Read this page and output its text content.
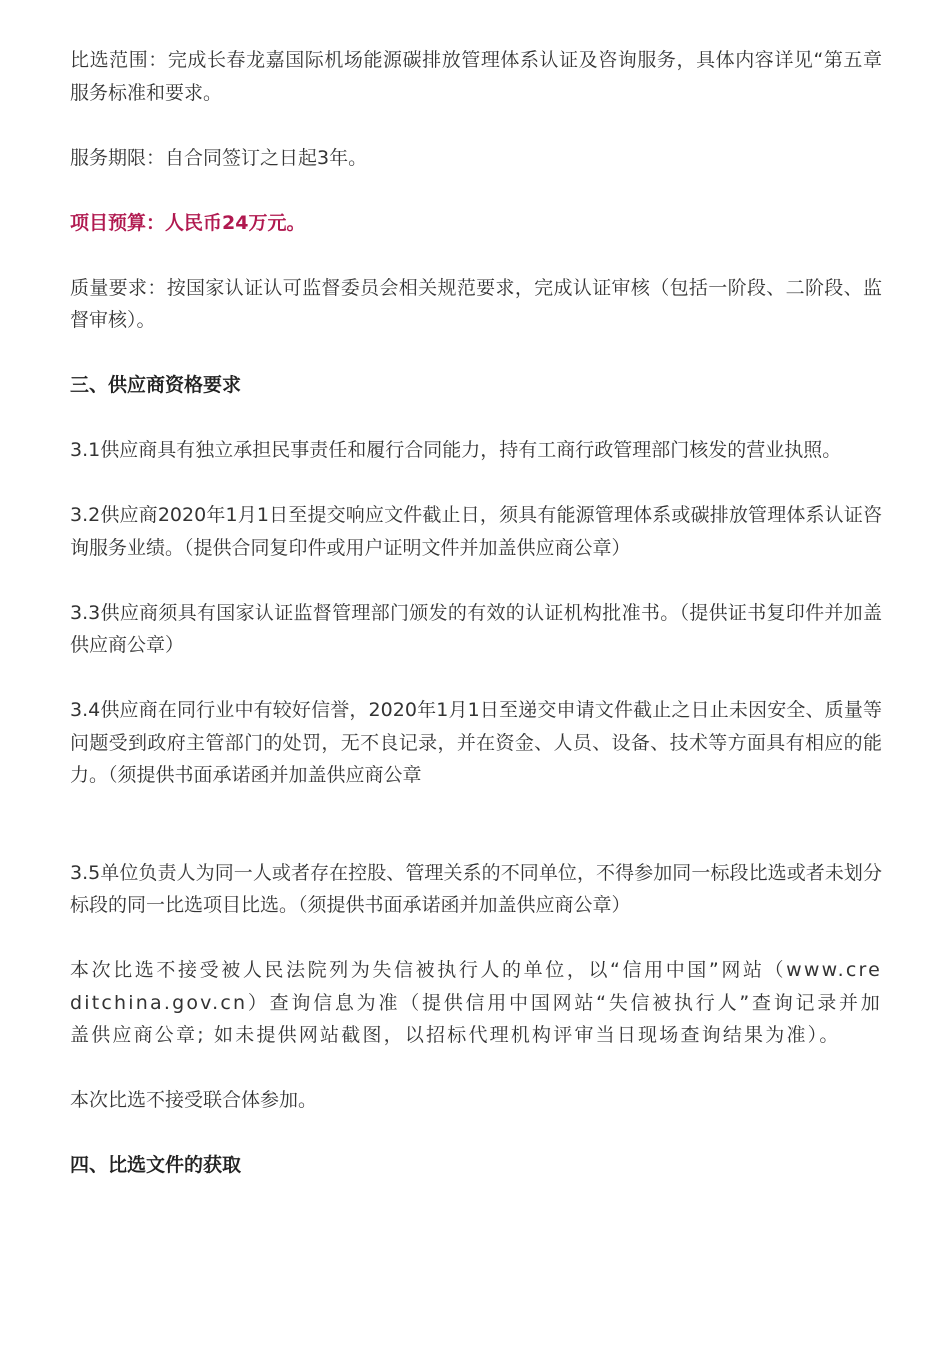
比选范围：完成长春龙嘉国际机场能源碳排放管理体系认证及咨询服务，具体内容详见“第五章 服务标准和要求。

服务期限：自合同签订之日起3年。

项目预算：人民币24万元。

质量要求：按国家认证认可监督委员会相关规范要求，完成认证审核（包括一阶段、二阶段、监督审核）。

三、供应商资格要求

3.1供应商具有独立承担民事责任和履行合同能力，持有工商行政管理部门核发的营业执照。

3.2供应商2020年1月1日至提交响应文件截止日，须具有能源管理体系或碳排放管理体系认证咨询服务业绩。（提供合同复印件或用户证明文件并加盖供应商公章）

3.3供应商须具有国家认证监督管理部门颁发的有效的认证机构批准书。（提供证书复印件并加盖供应商公章）

3.4供应商在同行业中有较好信誉，2020年1月1日至递交申请文件截止之日止未因安全、质量等问题受到政府主管部门的处罚，无不良记录，并在资金、人员、设备、技术等方面具有相应的能力。（须提供书面承诺函并加盖供应商公章

3.5单位负责人为同一人或者存在控股、管理关系的不同单位，不得参加同一标段比选或者未划分标段的同一比选项目比选。（须提供书面承诺函并加盖供应商公章）

本次比选不接受被人民法院列为失信被执行人的单位，以“信用中国”网站（www.creditchina.gov.cn）查询信息为准（提供信用中国网站“失信被执行人”查询记录并加盖供应商公章; 如未提供网站截图，以招标代理机构评审当日现场查询结果为准）。

本次比选不接受联合体参加。

四、比选文件的获取
